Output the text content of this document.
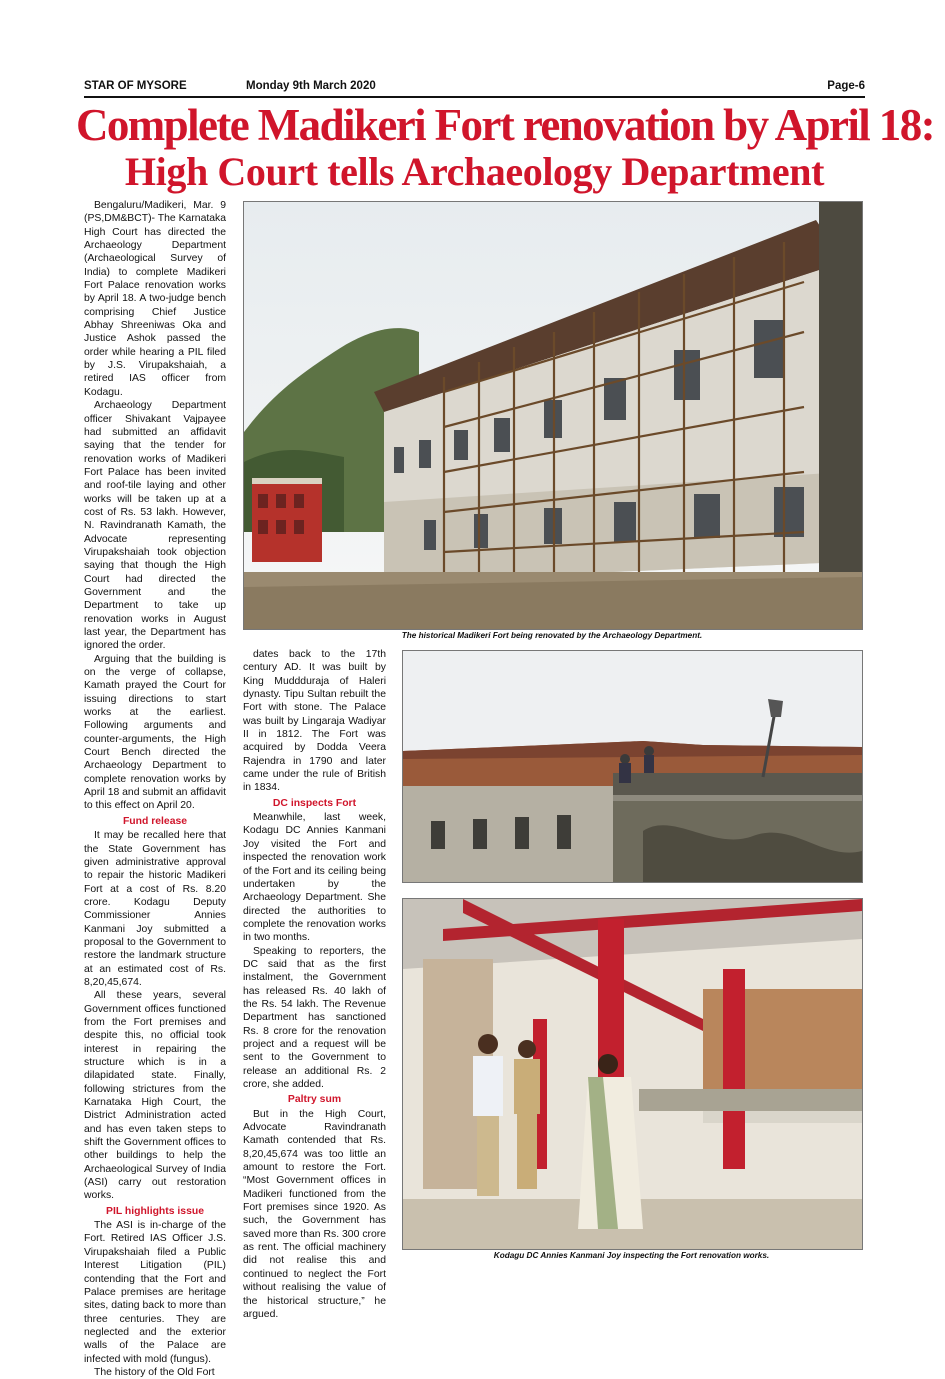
STAR OF MYSORE	Monday 9th March 2020	Page-6
Complete Madikeri Fort renovation by April 18:
High Court tells Archaeology Department

Bengaluru/Madikeri, Mar. 9 (PS,DM&BCT)- The Karnataka High Court has directed the Archaeology Department (Archaeological Survey of India) to complete Madikeri Fort Palace renovation works by April 18. A two-judge bench comprising Chief Justice Abhay Shreeniwas Oka and Justice Ashok passed the order while hearing a PIL filed by J.S. Virupakshaiah, a retired IAS officer from Kodagu.

Archaeology Department officer Shivakant Vajpayee had submitted an affidavit saying that the tender for renovation works of Madikeri Fort Palace has been invited and roof-tile laying and other works will be taken up at a cost of Rs. 53 lakh. However, N. Ravindranath Kamath, the Advocate representing Virupakshaiah took objection saying that though the High Court had directed the Government and the Department to take up renovation works in August last year, the Department has ignored the order.

Arguing that the building is on the verge of collapse, Kamath prayed the Court for issuing directions to start works at the earliest. Following arguments and counter-arguments, the High Court Bench directed the Archaeology Department to complete renovation works by April 18 and submit an affidavit to this effect on April 20.

Fund release

It may be recalled here that the State Government has given administrative approval to repair the historic Madikeri Fort at a cost of Rs. 8.20 crore. Kodagu Deputy Commissioner Annies Kanmani Joy submitted a proposal to the Government to restore the landmark structure at an estimated cost of Rs. 8,20,45,674.

All these years, several Government offices functioned from the Fort premises and despite this, no official took interest in repairing the structure which is in a dilapidated state. Finally, following strictures from the Karnataka High Court, the District Administration acted and has even taken steps to shift the Government offices to other buildings to help the Archaeological Survey of India (ASI) carry out restoration works.

PIL highlights issue

The ASI is in-charge of the Fort. Retired IAS Officer J.S. Virupakshaiah filed a Public Interest Litigation (PIL) contending that the Fort and Palace premises are heritage sites, dating back to more than three centuries. They are neglected and the exterior walls of the Palace are infected with mold (fungus).

The history of the Old Fort

dates back to the 17th century AD. It was built by King Muddduraja of Haleri dynasty. Tipu Sultan rebuilt the Fort with stone. The Palace was built by Lingaraja Wadiyar II in 1812. The Fort was acquired by Dodda Veera Rajendra in 1790 and later came under the rule of British in 1834.

DC inspects Fort

Meanwhile, last week, Kodagu DC Annies Kanmani Joy visited the Fort and inspected the renovation work of the Fort and its ceiling being undertaken by the Archaeology Department. She directed the authorities to complete the renovation works in two months.

Speaking to reporters, the DC said that as the first instalment, the Government has released Rs. 40 lakh of the Rs. 54 lakh. The Revenue Department has sanctioned Rs. 8 crore for the renovation project and a request will be sent to the Government to release an additional Rs. 2 crore, she added.

Paltry sum

But in the High Court, Advocate Ravindranath Kamath contended that Rs. 8,20,45,674 was too little an amount to restore the Fort. “Most Government offices in Madikeri functioned from the Fort premises since 1920. As such, the Government has saved more than Rs. 300 crore as rent. The official machinery did not realise this and continued to neglect the Fort without realising the value of the historical structure,” he argued.

The historical Madikeri Fort being renovated by the Archaeology Department.
Kodagu DC Annies Kanmani Joy inspecting the Fort renovation works.
